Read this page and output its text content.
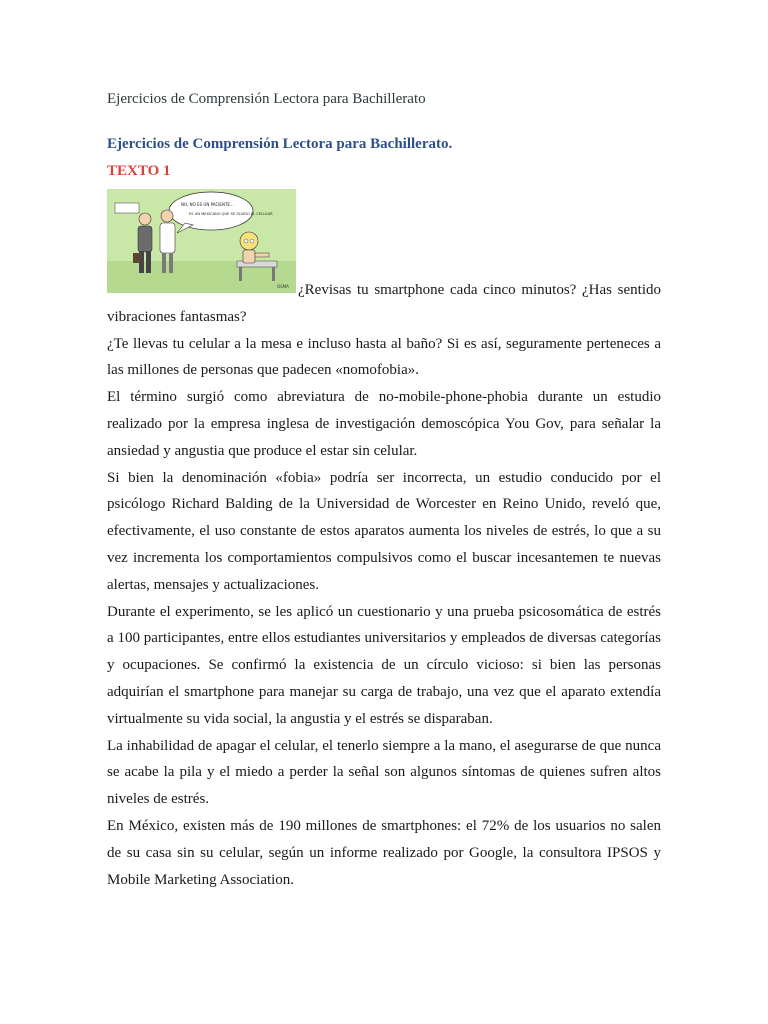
Ejercicios de Comprensión Lectora para Bachillerato
Ejercicios de Comprensión Lectora para Bachillerato.
TEXTO 1
NO, NO ES UN PACIENTE...
ES UN MEXICANO QUE SE OLVIDÓ EL CELULAR
OSMA ¿Revisas tu smartphone cada cinco minutos? ¿Has sentido vibraciones fantasmas?

¿Te llevas tu celular a la mesa e incluso hasta al baño? Si es así, seguramente perteneces a las millones de personas que padecen «nomofobia».

El término surgió como abreviatura de no-mobile-phone-phobia durante un estudio realizado por la empresa inglesa de investigación demoscópica You Gov, para señalar la ansiedad y angustia que produce el estar sin celular.

Si bien la denominación «fobia» podría ser incorrecta, un estudio conducido por el psicólogo Richard Balding de la Universidad de Worcester en Reino Unido, reveló que, efectivamente, el uso constante de estos aparatos aumenta los niveles de estrés, lo que a su vez incrementa los comportamientos compulsivos como el buscar incesantemen te nuevas alertas, mensajes y actualizaciones.

Durante el experimento, se les aplicó un cuestionario y una prueba psicosomática de estrés a 100 participantes, entre ellos estudiantes universitarios y empleados de diversas categorías y ocupaciones. Se confirmó la existencia de un círculo vicioso: si bien las personas adquirían el smartphone para manejar su carga de trabajo, una vez que el aparato extendía virtualmente su vida social, la angustia y el estrés se disparaban.

La inhabilidad de apagar el celular, el tenerlo siempre a la mano, el asegurarse de que nunca se acabe la pila y el miedo a perder la señal son algunos síntomas de quienes sufren altos niveles de estrés.

En México, existen más de 190 millones de smartphones: el 72% de los usuarios no salen de su casa sin su celular, según un informe realizado por Google, la consultora IPSOS y Mobile Marketing Association.
